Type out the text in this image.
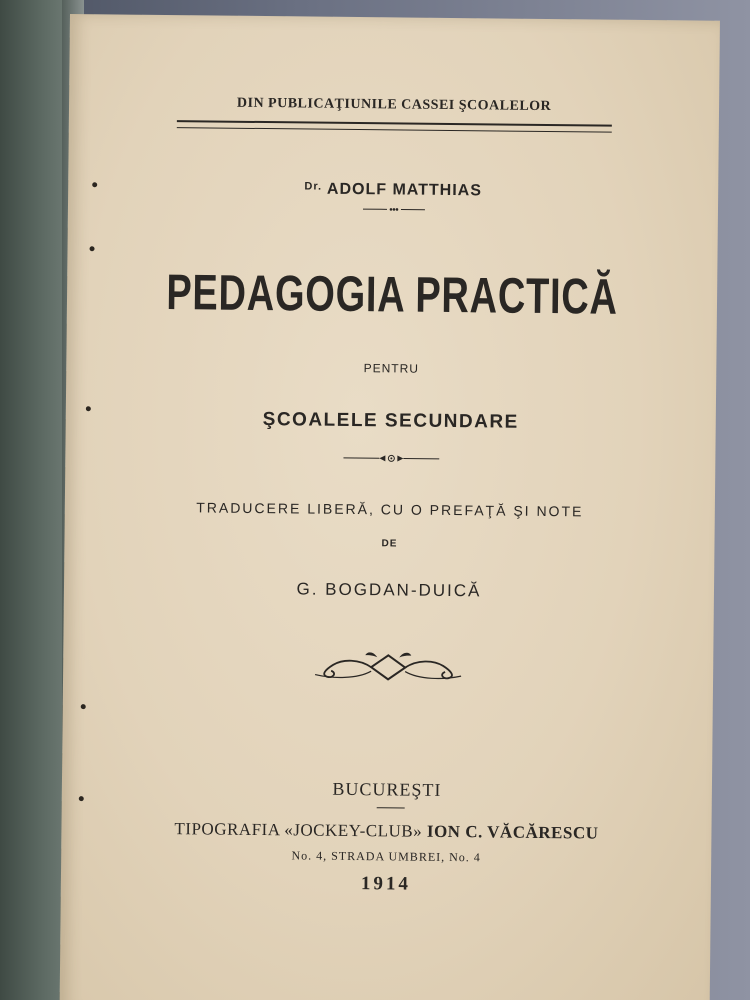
DIN PUBLICAŢIUNILE CASSEI ŞCOALELOR
$^{Dr.}$ ADOLF MATTHIAS
PEDAGOGIA PRACTICĂ
PENTRU
ŞCOALELE SECUNDARE
TRADUCERE LIBERĂ, CU O PREFAŢĂ ŞI NOTE
DE
G. BOGDAN-DUICĂ
BUCUREŞTI
TIPOGRAFIA «JOCKEY-CLUB» ION C. VĂCĂRESCU
No. 4, STRADA UMBREI, No. 4
1914
